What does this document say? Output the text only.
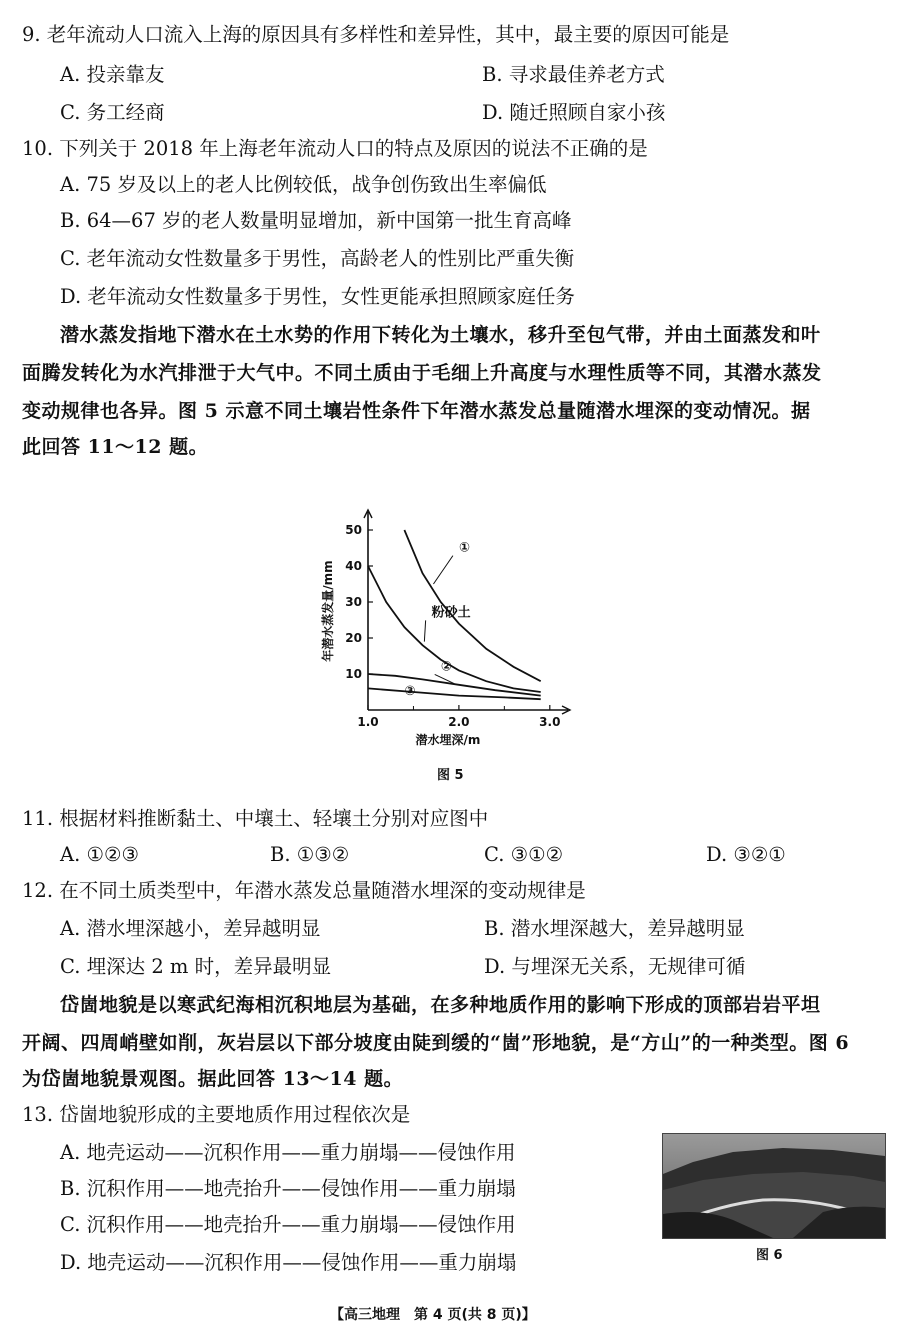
9. 老年流动人口流入上海的原因具有多样性和差异性，其中，最主要的原因可能是
A. 投亲靠友	B. 寻求最佳养老方式
C. 务工经商	D. 随迁照顾自家小孩
10. 下列关于 2018 年上海老年流动人口的特点及原因的说法不正确的是
A. 75 岁及以上的老人比例较低，战争创伤致出生率偏低
B. 64—67 岁的老人数量明显增加，新中国第一批生育高峰
C. 老年流动女性数量多于男性，高龄老人的性别比严重失衡
D. 老年流动女性数量多于男性，女性更能承担照顾家庭任务
潜水蒸发指地下潜水在土水势的作用下转化为土壤水，移升至包气带，并由土面蒸发和叶
面腾发转化为水汽排泄于大气中。不同土质由于毛细上升高度与水理性质等不同，其潜水蒸发
变动规律也各异。图 5 示意不同土壤岩性条件下年潜水蒸发总量随潜水埋深的变动情况。据
此回答 11～12 题。
10
20
30
40
50
1.0	2.0	3.0
潜水埋深/m
年潜水蒸发量/mm
①
粉砂土
②
③
图 5
11. 根据材料推断黏土、中壤土、轻壤土分别对应图中
A. ①②③	B. ①③②	C. ③①②	D. ③②①
12. 在不同土质类型中，年潜水蒸发总量随潜水埋深的变动规律是
A. 潜水埋深越小，差异越明显	B. 潜水埋深越大，差异越明显
C. 埋深达 2 m 时，差异最明显	D. 与埋深无关系，无规律可循
岱崮地貌是以寒武纪海相沉积地层为基础，在多种地质作用的影响下形成的顶部岩岩平坦
开阔、四周峭壁如削，灰岩层以下部分坡度由陡到缓的“崮”形地貌，是“方山”的一种类型。图 6
为岱崮地貌景观图。据此回答 13～14 题。
13. 岱崮地貌形成的主要地质作用过程依次是
A. 地壳运动——沉积作用——重力崩塌——侵蚀作用
B. 沉积作用——地壳抬升——侵蚀作用——重力崩塌
C. 沉积作用——地壳抬升——重力崩塌——侵蚀作用
D. 地壳运动——沉积作用——侵蚀作用——重力崩塌	图 6
【高三地理　第 4 页(共 8 页)】
